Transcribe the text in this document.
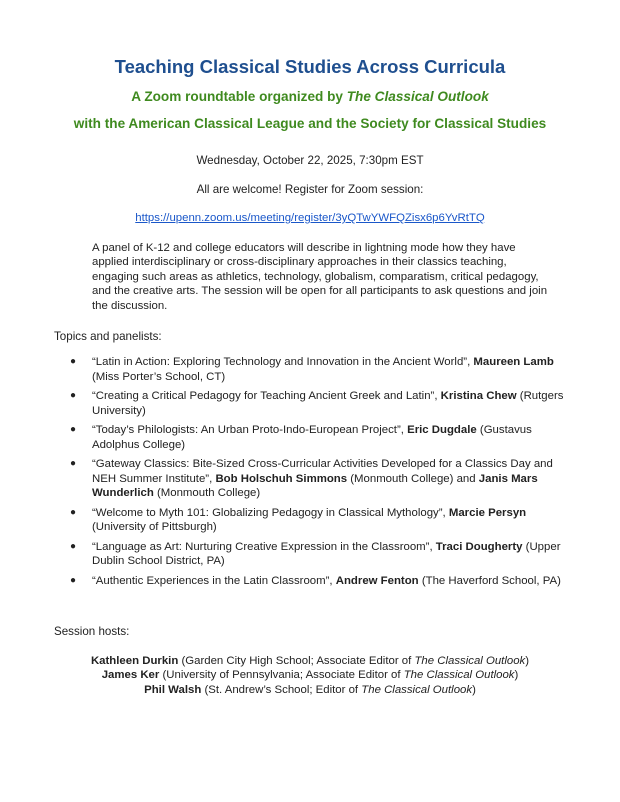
Teaching Classical Studies Across Curricula
A Zoom roundtable organized by The Classical Outlook
with the American Classical League and the Society for Classical Studies
Wednesday, October 22, 2025, 7:30pm EST
All are welcome! Register for Zoom session:
https://upenn.zoom.us/meeting/register/3yQTwYWFQZisx6p6YvRtTQ
A panel of K-12 and college educators will describe in lightning mode how they have applied interdisciplinary or cross-disciplinary approaches in their classics teaching, engaging such areas as athletics, technology, globalism, comparatism, critical pedagogy, and the creative arts. The session will be open for all participants to ask questions and join the discussion.
Topics and panelists:
● “Latin in Action: Exploring Technology and Innovation in the Ancient World”, Maureen Lamb (Miss Porter’s School, CT)
● “Creating a Critical Pedagogy for Teaching Ancient Greek and Latin”, Kristina Chew (Rutgers University)
● “Today’s Philologists: An Urban Proto-Indo-European Project”, Eric Dugdale (Gustavus Adolphus College)
● “Gateway Classics: Bite-Sized Cross-Curricular Activities Developed for a Classics Day and NEH Summer Institute”, Bob Holschuh Simmons (Monmouth College) and Janis Mars Wunderlich (Monmouth College)
● “Welcome to Myth 101: Globalizing Pedagogy in Classical Mythology”, Marcie Persyn (University of Pittsburgh)
● “Language as Art: Nurturing Creative Expression in the Classroom”, Traci Dougherty (Upper Dublin School District, PA)
● “Authentic Experiences in the Latin Classroom”, Andrew Fenton (The Haverford School, PA)
Session hosts:
Kathleen Durkin (Garden City High School; Associate Editor of The Classical Outlook)
James Ker (University of Pennsylvania; Associate Editor of The Classical Outlook)
Phil Walsh (St. Andrew’s School; Editor of The Classical Outlook)
